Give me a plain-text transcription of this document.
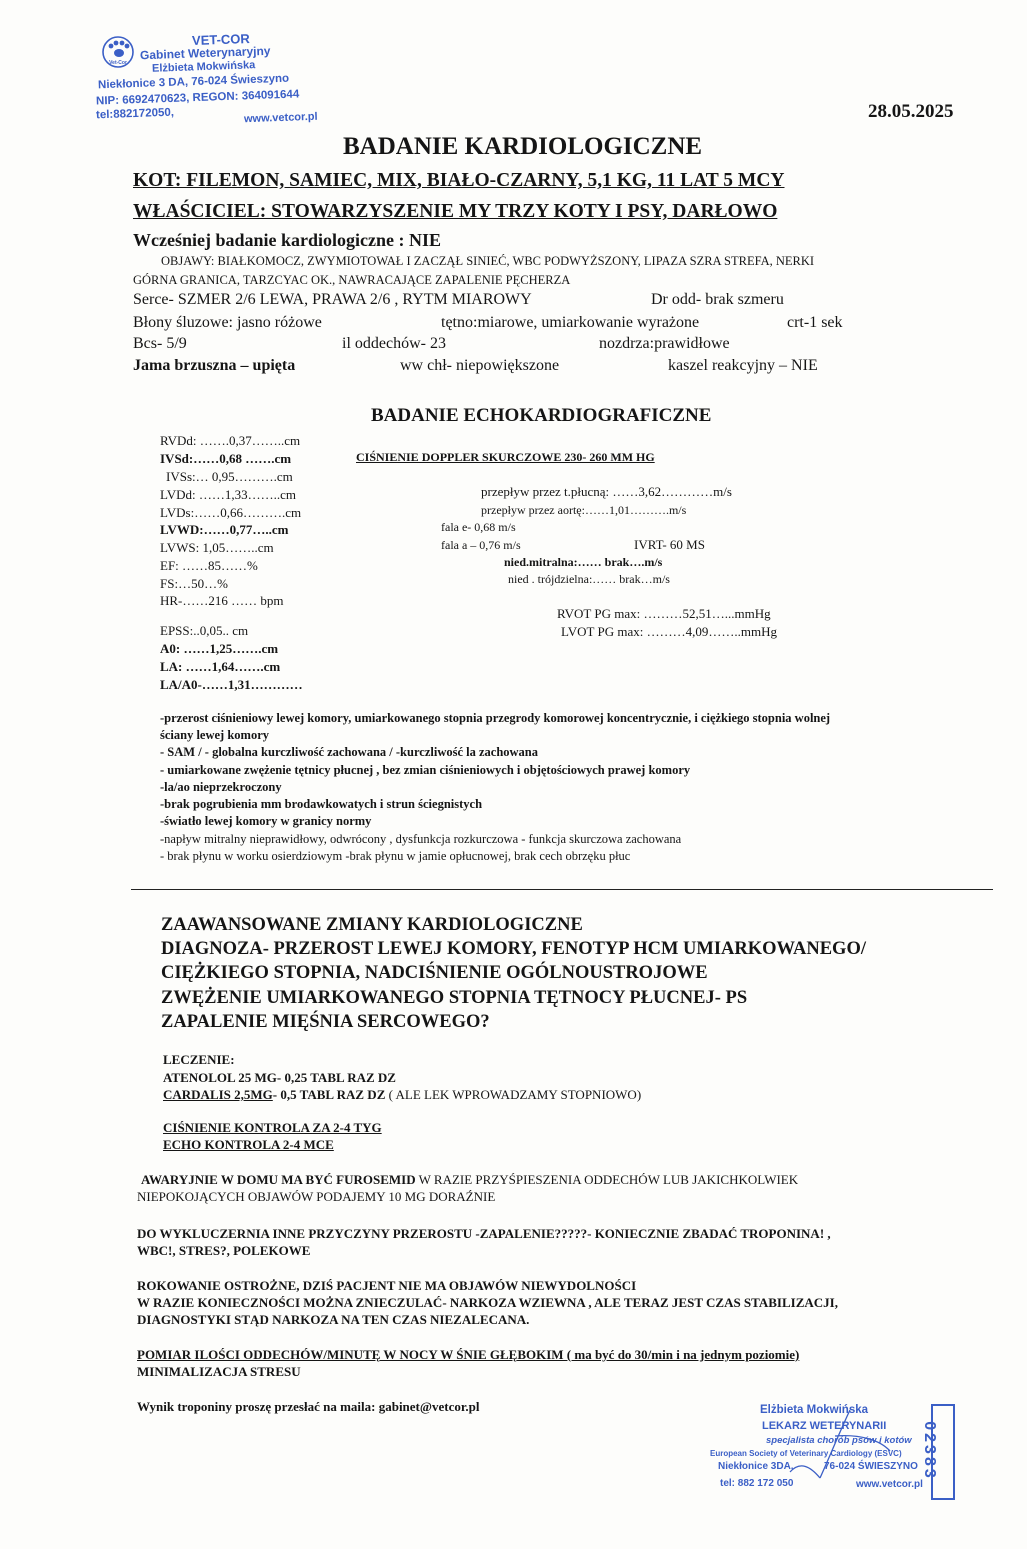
Vet-Cor
VET-COR
Gabinet Weterynaryjny
Elżbieta Mokwińska
Niekłonice 3 DA, 76-024 Świeszyno
NIP: 6692470623, REGON: 364091644
tel:882172050,	www.vetcor.pl	28.05.2025
BADANIE KARDIOLOGICZNE
KOT: FILEMON, SAMIEC, MIX, BIAŁO-CZARNY, 5,1 KG, 11 LAT 5 MCY
WŁAŚCICIEL: STOWARZYSZENIE MY TRZY KOTY I PSY, DARŁOWO
Wcześniej badanie kardiologiczne : NIE
OBJAWY: BIAŁKOMOCZ, ZWYMIOTOWAŁ I ZACZĄŁ SINIEĆ, WBC PODWYŻSZONY, LIPAZA SZRA STREFA, NERKI
GÓRNA GRANICA, TARZCYAC OK., NAWRACAJĄCE ZAPALENIE PĘCHERZA
Serce- SZMER 2/6 LEWA, PRAWA 2/6 , RYTM MIAROWY	Dr odd- brak szmeru
Błony śluzowe: jasno różowe	tętno:miarowe, umiarkowanie wyrażone	crt-1 sek
Bcs- 5/9	il oddechów- 23	nozdrza:prawidłowe
Jama brzuszna – upięta	ww chł- niepowiększone	kaszel reakcyjny – NIE
BADANIE ECHOKARDIOGRAFICZNE
RVDd: …….0,37……..cm
IVSd:……0,68 …….cm
IVSs:… 0,95……….cm
LVDd: ……1,33……..cm
LVDs:……0,66……….cm
LVWD:……0,77…..cm
LVWS: 1,05……..cm
EF: ……85……%
FS:…50…%
HR-……216 …… bpm
EPSS:..0,05.. cm
A0: ……1,25…….cm
LA: ……1,64…….cm
LA/A0-……1,31…………
CIŚNIENIE DOPPLER SKURCZOWE 230- 260 MM HG
przepływ przez t.płucną: ……3,62…………m/s
przepływ przez aortę:……1,01……….m/s
fala e- 0,68 m/s
fala a – 0,76 m/s	IVRT- 60 MS
nied.mitralna:…… brak….m/s
nied . trójdzielna:…… brak…m/s
RVOT PG max: ………52,51…...mmHg
LVOT PG max: ………4,09……..mmHg
-przerost ciśnieniowy lewej komory, umiarkowanego stopnia przegrody komorowej koncentrycznie, i ciężkiego stopnia wolnej
ściany lewej komory
- SAM / - globalna kurczliwość zachowana / -kurczliwość la zachowana
- umiarkowane zwężenie tętnicy płucnej , bez zmian ciśnieniowych i objętościowych prawej komory
-la/ao nieprzekroczony
-brak pogrubienia mm brodawkowatych i strun ściegnistych
-światło lewej komory w granicy normy
-napływ mitralny nieprawidłowy, odwrócony , dysfunkcja rozkurczowa - funkcja skurczowa zachowana
- brak płynu w worku osierdziowym -brak płynu w jamie opłucnowej, brak cech obrzęku płuc
ZAAWANSOWANE ZMIANY KARDIOLOGICZNE
DIAGNOZA- PRZEROST LEWEJ KOMORY, FENOTYP HCM UMIARKOWANEGO/
CIĘŻKIEGO STOPNIA, NADCIŚNIENIE OGÓLNOUSTROJOWE
ZWĘŻENIE UMIARKOWANEGO STOPNIA TĘTNOCY PŁUCNEJ- PS
ZAPALENIE MIĘŚNIA SERCOWEGO?
LECZENIE:
ATENOLOL 25 MG- 0,25 TABL RAZ DZ
CARDALIS 2,5MG- 0,5 TABL RAZ DZ ( ALE LEK WPROWADZAMY STOPNIOWO)
CIŚNIENIE KONTROLA ZA 2-4 TYG
ECHO KONTROLA 2-4 MCE
AWARYJNIE W DOMU MA BYĆ FUROSEMID W RAZIE PRZYŚPIESZENIA ODDECHÓW LUB JAKICHKOLWIEK
NIEPOKOJĄCYCH OBJAWÓW PODAJEMY 10 MG DORAŹNIE
DO WYKLUCZERNIA INNE PRZYCZYNY PRZEROSTU -ZAPALENIE?????- KONIECZNIE ZBADAĆ TROPONINA! ,
WBC!, STRES?, POLEKOWE
ROKOWANIE OSTROŻNE, DZIŚ PACJENT NIE MA OBJAWÓW NIEWYDOLNOŚCI
W RAZIE KONIECZNOŚCI MOŻNA ZNIECZULAĆ- NARKOZA WZIEWNA , ALE TERAZ JEST CZAS STABILIZACJI,
DIAGNOSTYKI STĄD NARKOZA NA TEN CZAS NIEZALECANA.
POMIAR ILOŚCI ODDECHÓW/MINUTĘ W NOCY W ŚNIE GŁĘBOKIM ( ma być do 30/min i na jednym poziomie)
MINIMALIZACJA STRESU
Wynik troponiny proszę przesłać na maila: gabinet@vetcor.pl	Elżbieta Mokwińska
LEKARZ WETERYNARII
specjalista chorób psów i kotów
European Society of Veterinary Cardiology (ESVC)
Niekłonice 3DA,	76-024 ŚWIESZYNO
tel: 882 172 050	www.vetcor.pl
02383
